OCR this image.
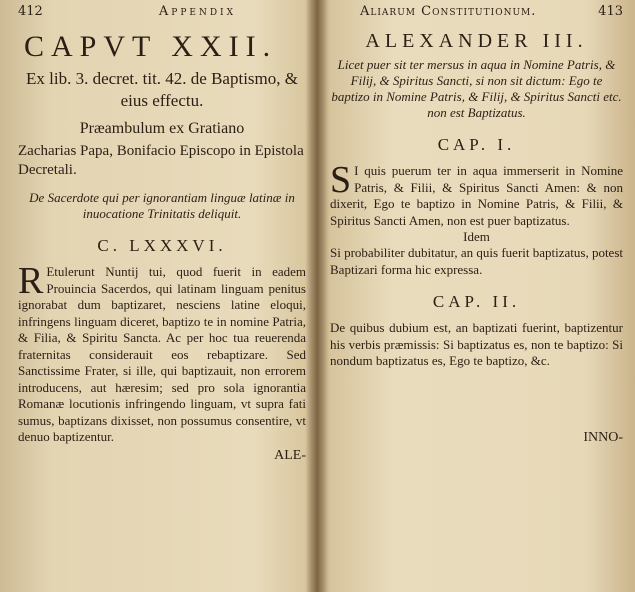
412	Appendix
CAPVT XXII.
Ex lib. 3. decret. tit. 42. de Baptismo, & eius effectu.
Præambulum ex Gratiano
Zacharias Papa, Bonifacio Episcopo in Epistola Decretali.
De Sacerdote qui per ignorantiam linguæ latinæ in inuocatione Trinitatis deliquit.
C. LXXXVI.
R Etulerunt Nuntij tui, quod fuerit in eadem Prouincia Sacerdos, qui latinam linguam penitus ignorabat dum baptizaret, nesciens latine eloqui, infringens linguam diceret, baptizo te in nomine Patria, & Filia, & Spiritu Sancta. Ac per hoc tua reuerenda fraternitas considerauit eos rebaptizare. Sed Sanctissime Frater, si ille, qui baptizauit, non errorem introducens, aut hæresim; sed pro sola ignorantia Romanæ locutionis infringendo linguam, vt supra fati sumus, baptizans dixisset, non possumus consentire, vt denuo baptizentur.
ALE-
Aliarum Constitutionum.	413
ALEXANDER III.
Licet puer sit ter mersus in aqua in Nomine Patris, & Filij, & Spiritus Sancti, si non sit dictum: Ego te baptizo in Nomine Patris, & Filij, & Spiritus Sancti etc. non est Baptizatus.
CAP. I.
S I quis puerum ter in aqua immerserit in Nomine Patris, & Filii, & Spiritus Sancti Amen: & non dixerit, Ego te baptizo in Nomine Patris, & Filii, & Spiritus Sancti Amen, non est puer baptizatus.
Idem
Si probabiliter dubitatur, an quis fuerit baptizatus, potest Baptizari forma hic expressa.
CAP. II.
De quibus dubium est, an baptizati fuerint, baptizentur his verbis præmissis: Si baptizatus es, non te baptizo: Si nondum baptizatus es, Ego te baptizo, &c.
INNO-
